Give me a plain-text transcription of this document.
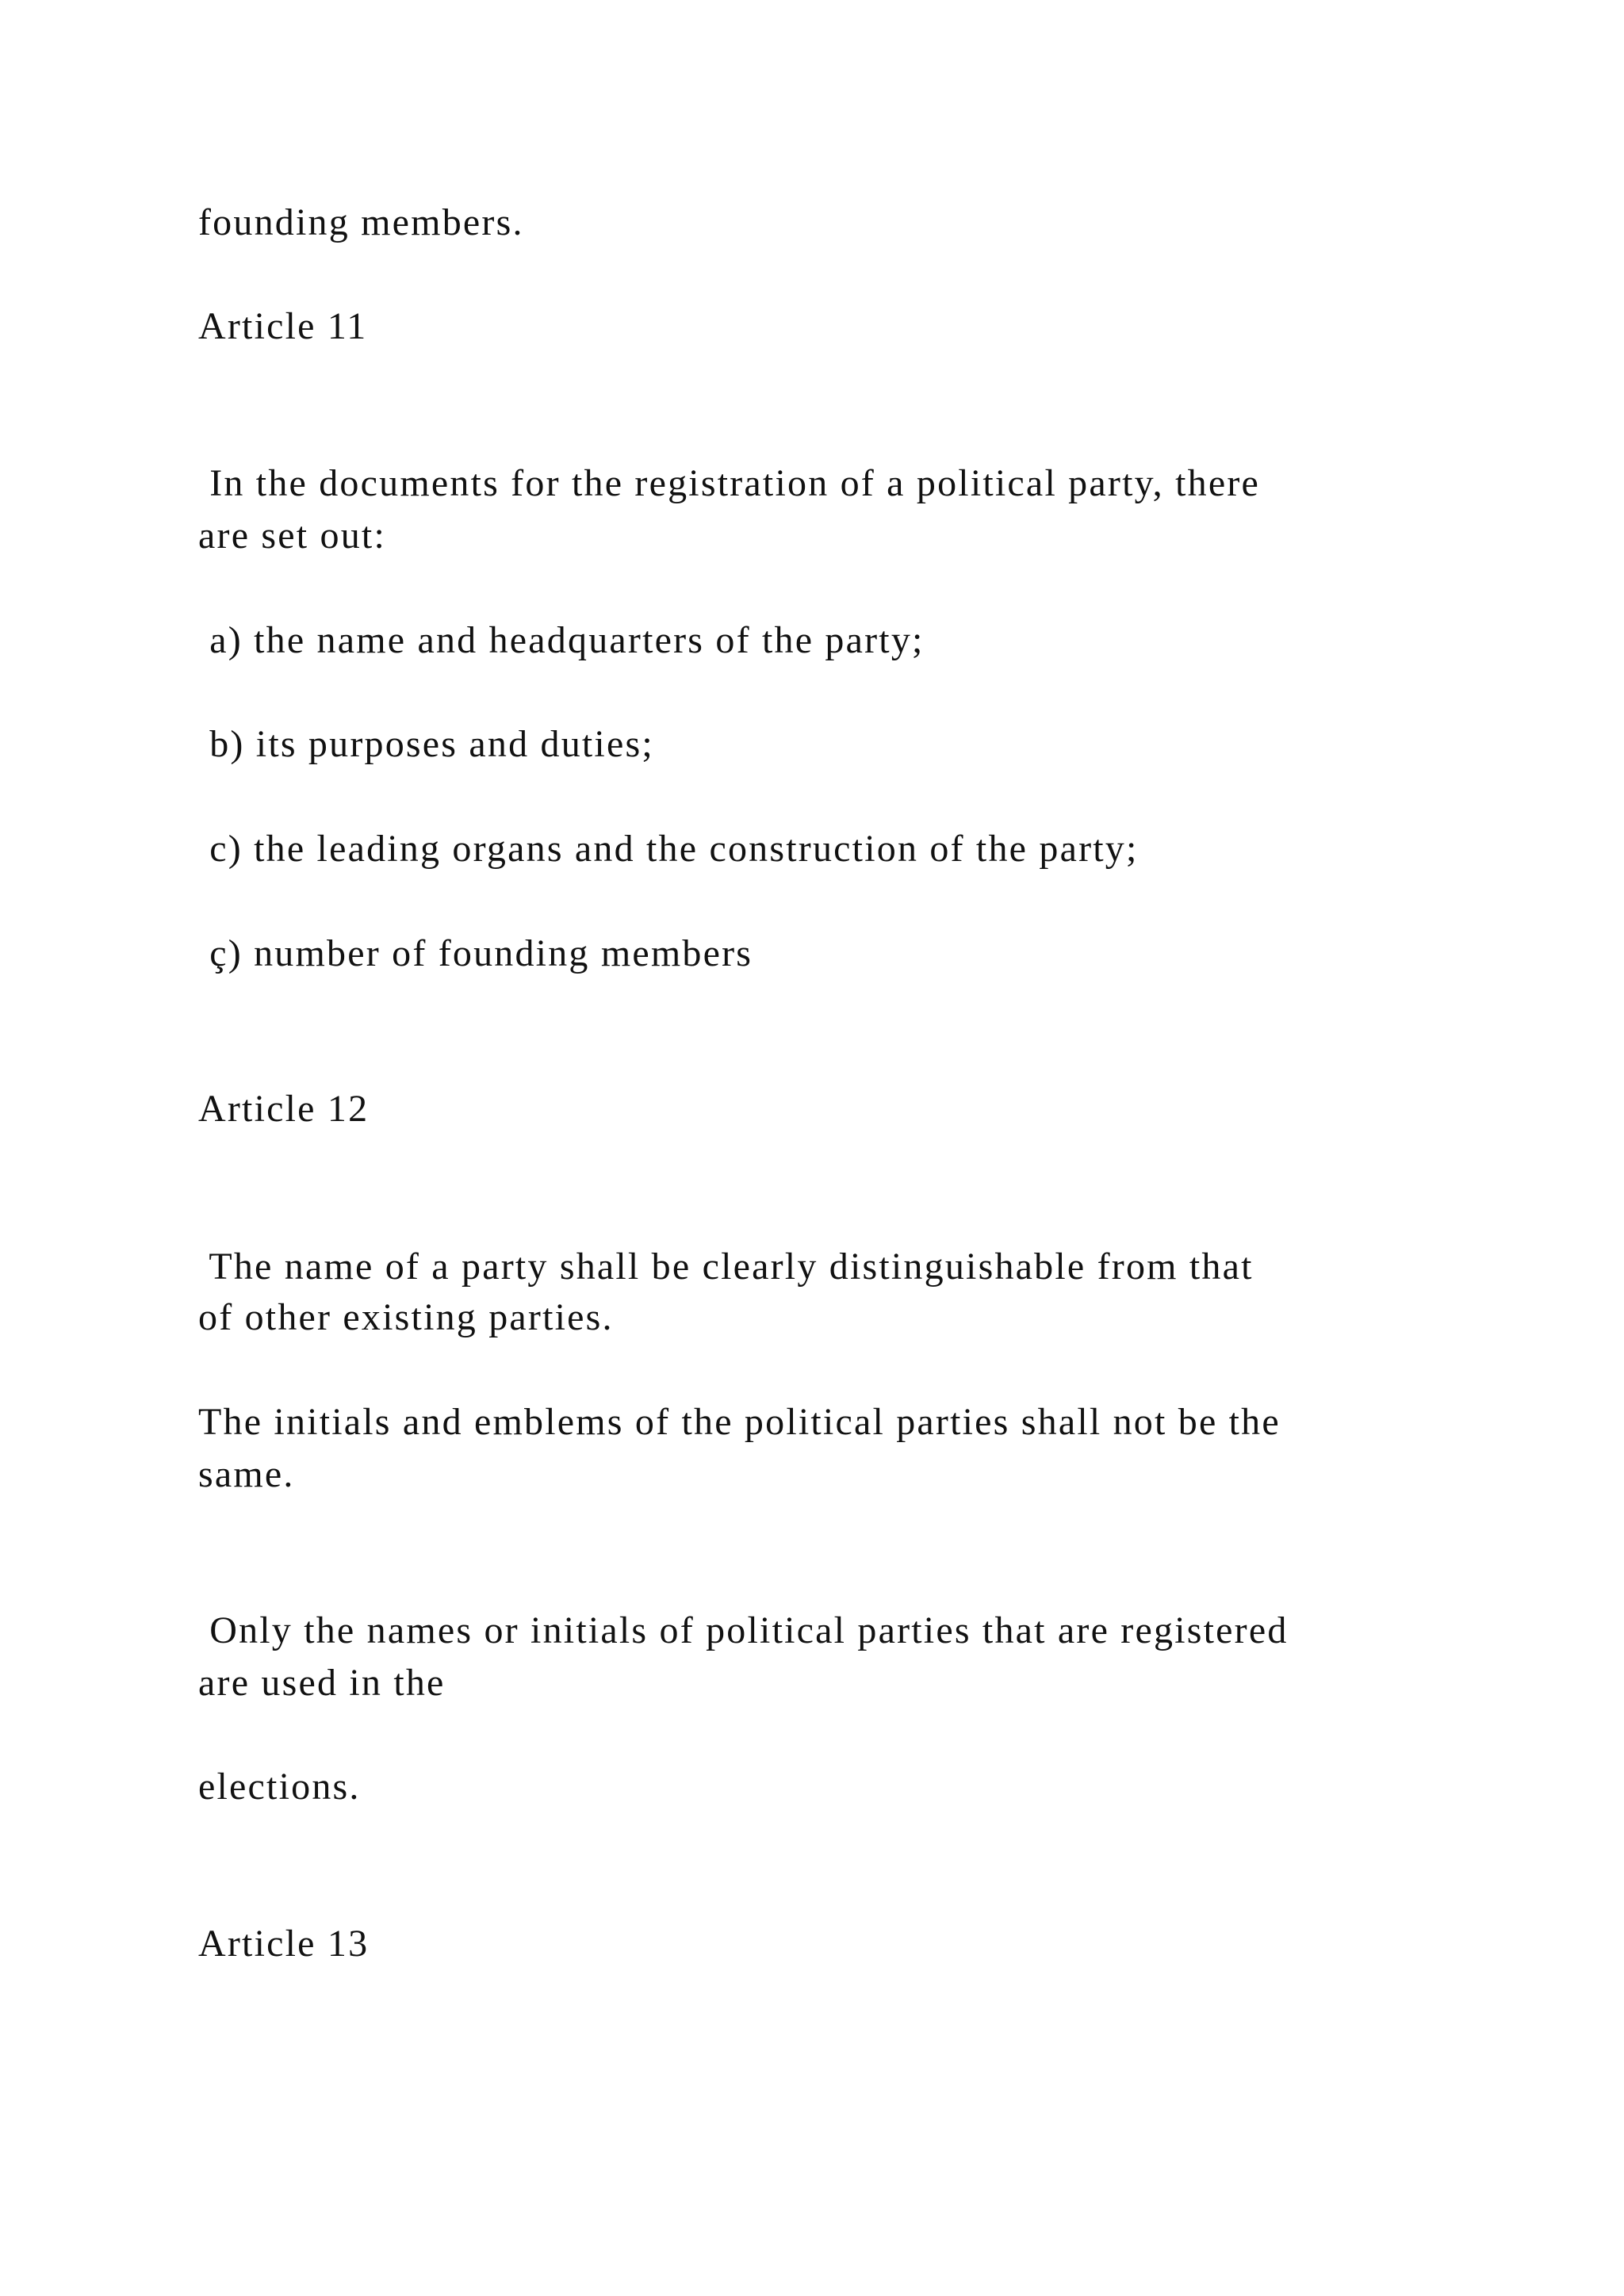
founding members.

Article 11

In the documents for the registration of a political party, there

are set out:

a) the name and headquarters of the party;

b) its purposes and duties;

c) the leading organs and the construction of the party;

ç) number of founding members

Article 12

The name of a party shall be clearly distinguishable from that

of other existing parties.

The initials and emblems of the political parties shall not be the

same.

Only the names or initials of political parties that are registered

are used in the

elections.

Article 13
